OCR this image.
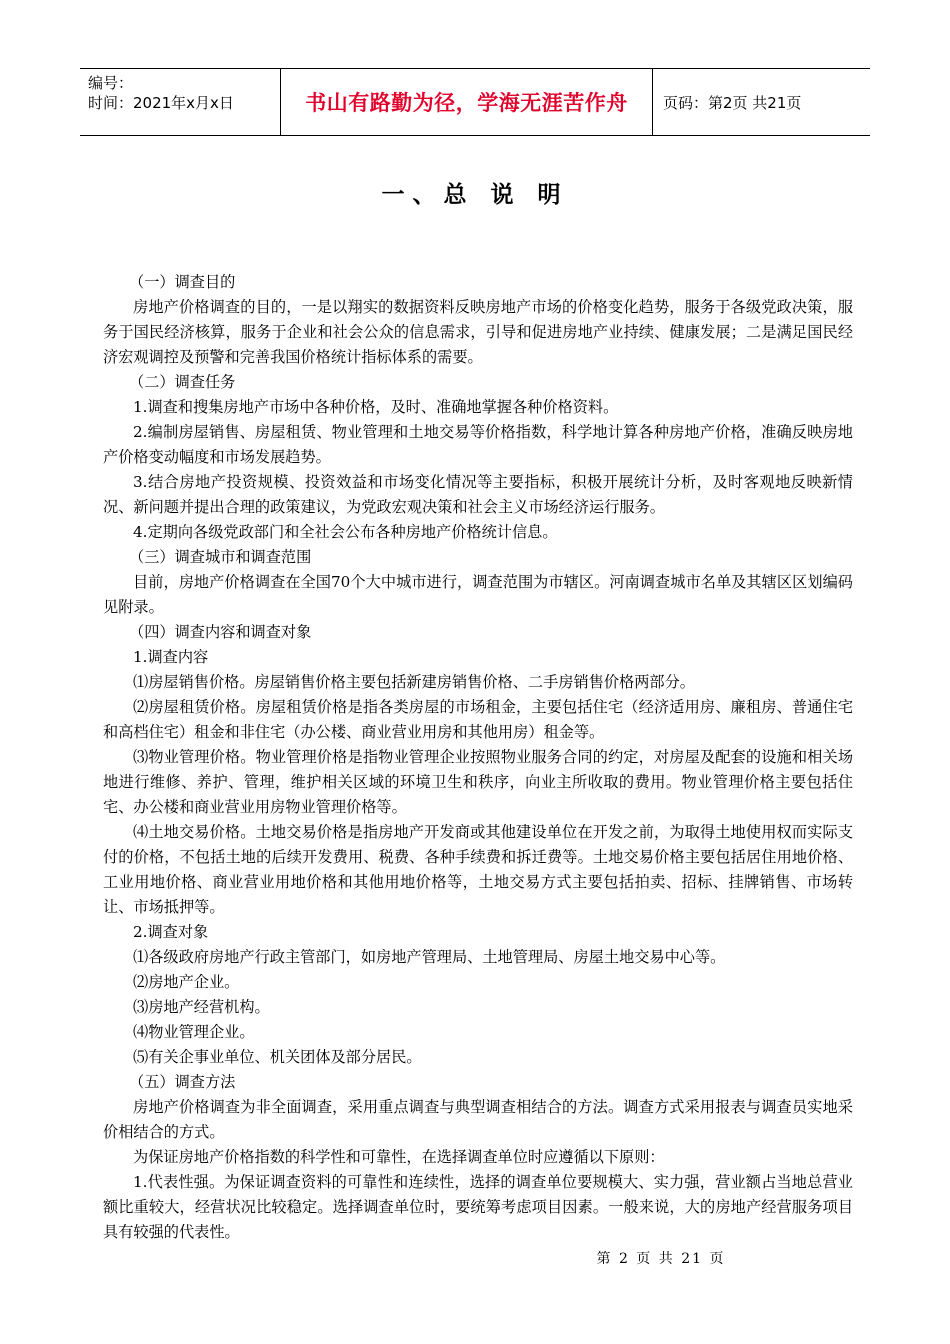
编号：
时间：2021年x月x日	书山有路勤为径，学海无涯苦作舟 页码：第2页 共21页
一、总 说 明

（一）调查目的

房地产价格调查的目的，一是以翔实的数据资料反映房地产市场的价格变化趋势，服务于各级党政决策，服务于国民经济核算，服务于企业和社会公众的信息需求，引导和促进房地产业持续、健康发展；二是满足国民经济宏观调控及预警和完善我国价格统计指标体系的需要。

（二）调查任务

1.调查和搜集房地产市场中各种价格，及时、准确地掌握各种价格资料。

2.编制房屋销售、房屋租赁、物业管理和土地交易等价格指数，科学地计算各种房地产价格，准确反映房地产价格变动幅度和市场发展趋势。

3.结合房地产投资规模、投资效益和市场变化情况等主要指标，积极开展统计分析，及时客观地反映新情况、新问题并提出合理的政策建议，为党政宏观决策和社会主义市场经济运行服务。

4.定期向各级党政部门和全社会公布各种房地产价格统计信息。

（三）调查城市和调查范围

目前，房地产价格调查在全国70个大中城市进行，调查范围为市辖区。河南调查城市名单及其辖区区划编码见附录。

（四）调查内容和调查对象

1.调查内容

⑴房屋销售价格。房屋销售价格主要包括新建房销售价格、二手房销售价格两部分。

⑵房屋租赁价格。房屋租赁价格是指各类房屋的市场租金，主要包括住宅（经济适用房、廉租房、普通住宅和高档住宅）租金和非住宅（办公楼、商业营业用房和其他用房）租金等。

⑶物业管理价格。物业管理价格是指物业管理企业按照物业服务合同的约定，对房屋及配套的设施和相关场地进行维修、养护、管理，维护相关区域的环境卫生和秩序，向业主所收取的费用。物业管理价格主要包括住宅、办公楼和商业营业用房物业管理价格等。

⑷土地交易价格。土地交易价格是指房地产开发商或其他建设单位在开发之前，为取得土地使用权而实际支付的价格，不包括土地的后续开发费用、税费、各种手续费和拆迁费等。土地交易价格主要包括居住用地价格、工业用地价格、商业营业用地价格和其他用地价格等，土地交易方式主要包括拍卖、招标、挂牌销售、市场转让、市场抵押等。

2.调查对象

⑴各级政府房地产行政主管部门，如房地产管理局、土地管理局、房屋土地交易中心等。

⑵房地产企业。

⑶房地产经营机构。

⑷物业管理企业。

⑸有关企事业单位、机关团体及部分居民。

（五）调查方法

房地产价格调查为非全面调查，采用重点调查与典型调查相结合的方法。调查方式采用报表与调查员实地采价相结合的方式。

为保证房地产价格指数的科学性和可靠性，在选择调查单位时应遵循以下原则：

1.代表性强。为保证调查资料的可靠性和连续性，选择的调查单位要规模大、实力强，营业额占当地总营业额比重较大，经营状况比较稳定。选择调查单位时，要统筹考虑项目因素。一般来说，大的房地产经营服务项目具有较强的代表性。

第 2 页 共 21 页
